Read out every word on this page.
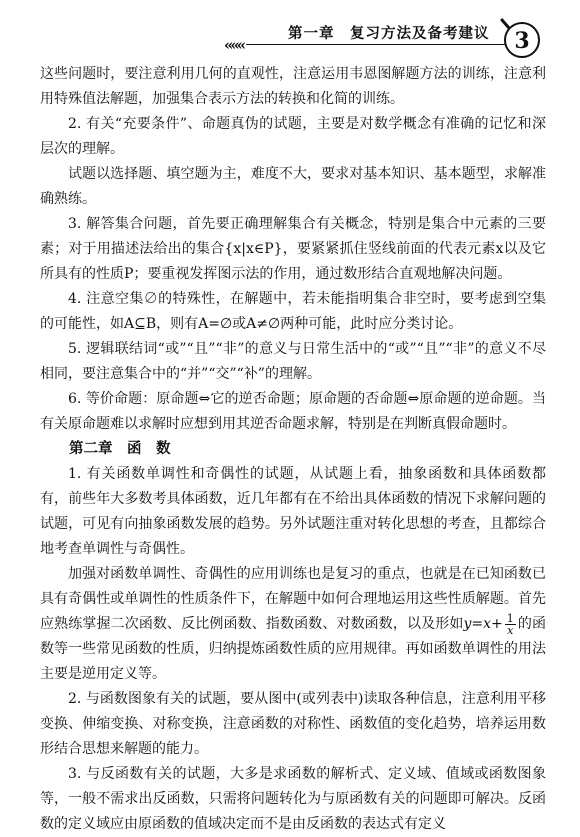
«««
第一章　复习方法及备考建议 3

这些问题时，要注意利用几何的直观性，注意运用韦恩图解题方法的训练，注意利用特殊值法解题，加强集合表示方法的转换和化简的训练。

2. 有关“充要条件”、命题真伪的试题，主要是对数学概念有准确的记忆和深层次的理解。

试题以选择题、填空题为主，难度不大，要求对基本知识、基本题型，求解准确熟练。

3. 解答集合问题，首先要正确理解集合有关概念，特别是集合中元素的三要素；对于用描述法给出的集合{x|x∈P}，要紧紧抓住竖线前面的代表元素x以及它所具有的性质P；要重视发挥图示法的作用，通过数形结合直观地解决问题。

4. 注意空集∅的特殊性，在解题中，若未能指明集合非空时，要考虑到空集的可能性，如A⊆B，则有A=∅或A≠∅两种可能，此时应分类讨论。

5. 逻辑联结词“或”“且”“非”的意义与日常生活中的“或”“且”“非”的意义不尽相同，要注意集合中的“并”“交”“补”的理解。

6. 等价命题：原命题⇔它的逆否命题；原命题的否命题⇔原命题的逆命题。当有关原命题难以求解时应想到用其逆否命题求解，特别是在判断真假命题时。

第二章　函　数

1. 有关函数单调性和奇偶性的试题，从试题上看，抽象函数和具体函数都有，前些年大多数考具体函数，近几年都有在不给出具体函数的情况下求解问题的试题，可见有向抽象函数发展的趋势。另外试题注重对转化思想的考查，且都综合地考查单调性与奇偶性。

加强对函数单调性、奇偶性的应用训练也是复习的重点，也就是在已知函数已具有奇偶性或单调性的性质条件下，在解题中如何合理地运用这些性质解题。首先应熟练掌握二次函数、反比例函数、指数函数、对数函数，以及形如$y=x+ \frac{1}{x}$ 的函数等一些常见函数的性质，归纳提炼函数性质的应用规律。再如函数单调性的用法主要是逆用定义等。

2. 与函数图象有关的试题，要从图中(或列表中)读取各种信息，注意利用平移变换、伸缩变换、对称变换，注意函数的对称性、函数值的变化趋势，培养运用数形结合思想来解题的能力。

3. 与反函数有关的试题，大多是求函数的解析式、定义域、值域或函数图象等，一般不需求出反函数，只需将问题转化为与原函数有关的问题即可解决。反函数的定义域应由原函数的值域决定而不是由反函数的表达式有定义
